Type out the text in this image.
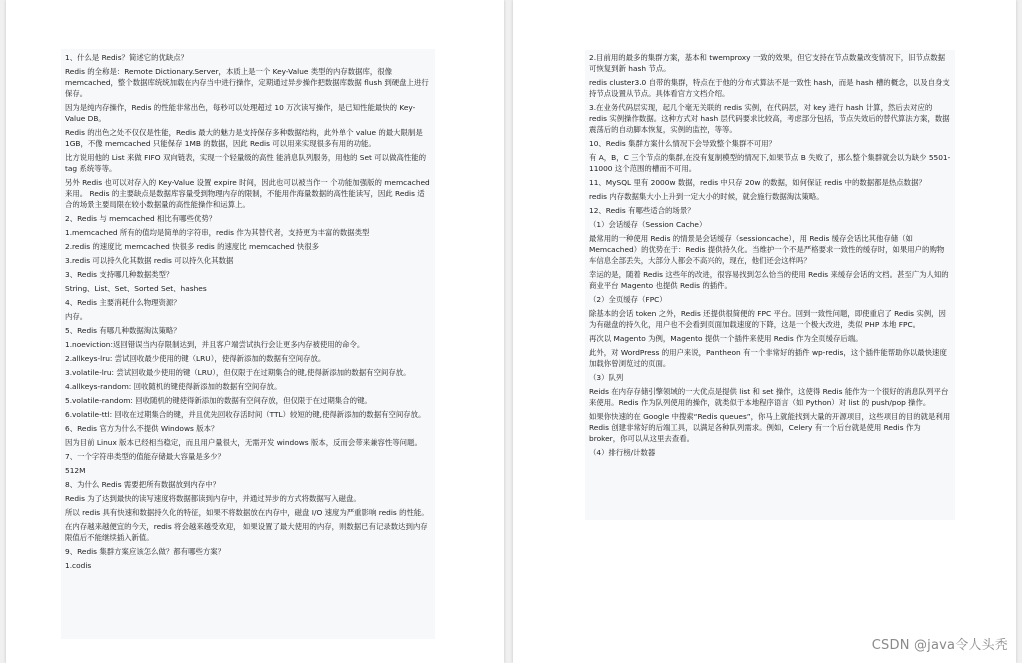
1、什么是 Redis？简述它的优缺点？

Redis 的全称是：Remote Dictionary.Server，本质上是一个 Key-Value 类型的内存数据库，很像 memcached，整个数据库统统加载在内存当中进行操作，定期通过异步操作把数据库数据 flush 到硬盘上进行保存。

因为是纯内存操作，Redis 的性能非常出色，每秒可以处理超过 10 万次读写操作，是已知性能最快的 Key-Value DB。

Redis 的出色之处不仅仅是性能，Redis 最大的魅力是支持保存多种数据结构，此外单个 value 的最大限制是 1GB，不像 memcached 只能保存 1MB 的数据，因此 Redis 可以用来实现很多有用的功能。

比方说用他的 List 来做 FIFO 双向链表，实现一个轻量级的高性 能消息队列服务，用他的 Set 可以做高性能的 tag 系统等等。

另外 Redis 也可以对存入的 Key-Value 设置 expire 时间，因此也可以被当作一 个功能加强版的 memcached 来用。 Redis 的主要缺点是数据库容量受到物理内存的限制，不能用作海量数据的高性能读写，因此 Redis 适合的场景主要局限在较小数据量的高性能操作和运算上。

2、Redis 与 memcached 相比有哪些优势？

1.memcached 所有的值均是简单的字符串，redis 作为其替代者，支持更为丰富的数据类型

2.redis 的速度比 memcached 快很多 redis 的速度比 memcached 快很多

3.redis 可以持久化其数据 redis 可以持久化其数据

3、Redis 支持哪几种数据类型？

String、List、Set、Sorted Set、hashes

4、Redis 主要消耗什么物理资源？

内存。

5、Redis 有哪几种数据淘汰策略？

1.noeviction:返回错误当内存限制达到，并且客户端尝试执行会让更多内存被使用的命令。

2.allkeys-lru: 尝试回收最少使用的键（LRU），使得新添加的数据有空间存放。

3.volatile-lru: 尝试回收最少使用的键（LRU），但仅限于在过期集合的键,使得新添加的数据有空间存放。

4.allkeys-random: 回收随机的键使得新添加的数据有空间存放。

5.volatile-random: 回收随机的键使得新添加的数据有空间存放，但仅限于在过期集合的键。

6.volatile-ttl: 回收在过期集合的键，并且优先回收存活时间（TTL）较短的键,使得新添加的数据有空间存放。

6、Redis 官方为什么不提供 Windows 版本？

因为目前 Linux 版本已经相当稳定，而且用户量很大，无需开发 windows 版本，反而会带来兼容性等问题。

7、一个字符串类型的值能存储最大容量是多少？

512M

8、为什么 Redis 需要把所有数据放到内存中？

Redis 为了达到最快的读写速度将数据都读到内存中，并通过异步的方式将数据写入磁盘。

所以 redis 具有快速和数据持久化的特征，如果不将数据放在内存中，磁盘 I/O 速度为严重影响 redis 的性能。

在内存越来越便宜的今天，redis 将会越来越受欢迎， 如果设置了最大使用的内存，则数据已有记录数达到内存限值后不能继续插入新值。

9、Redis 集群方案应该怎么做？都有哪些方案？

1.codis

2.目前用的最多的集群方案，基本和 twemproxy 一致的效果，但它支持在节点数量改变情况下，旧节点数据可恢复到新 hash 节点。

redis cluster3.0 自带的集群，特点在于他的分布式算法不是一致性 hash，而是 hash 槽的概念，以及自身支持节点设置从节点。具体看官方文档介绍。

3.在业务代码层实现，起几个毫无关联的 redis 实例，在代码层，对 key 进行 hash 计算，然后去对应的 redis 实例操作数据。这种方式对 hash 层代码要求比较高，考虑部分包括，节点失效后的替代算法方案，数据震荡后的自动脚本恢复，实例的监控，等等。

10、Redis 集群方案什么情况下会导致整个集群不可用？

有 A，B，C 三个节点的集群,在没有复制模型的情况下,如果节点 B 失败了，那么整个集群就会以为缺少 5501-11000 这个范围的槽而不可用。

11、MySQL 里有 2000w 数据，redis 中只存 20w 的数据，如何保证 redis 中的数据都是热点数据？

redis 内存数据集大小上升到一定大小的时候，就会施行数据淘汰策略。

12、Redis 有哪些适合的场景？

（1）会话缓存（Session Cache）

最常用的一种使用 Redis 的情景是会话缓存（sessioncache），用 Redis 缓存会话比其他存储（如 Memcached）的优势在于：Redis 提供持久化。当维护一个不是严格要求一致性的缓存时，如果用户的购物车信息全部丢失，大部分人都会不高兴的，现在，他们还会这样吗？

幸运的是，随着 Redis 这些年的改进，很容易找到怎么恰当的使用 Redis 来缓存会话的文档。甚至广为人知的商业平台 Magento 也提供 Redis 的插件。

（2）全页缓存（FPC）

除基本的会话 token 之外，Redis 还提供很简便的 FPC 平台。回到一致性问题，即使重启了 Redis 实例，因为有磁盘的持久化，用户也不会看到页面加载速度的下降，这是一个极大改进，类似 PHP 本地 FPC。

再次以 Magento 为例，Magento 提供一个插件来使用 Redis 作为全页缓存后端。

此外，对 WordPress 的用户来说，Pantheon 有一个非常好的插件 wp-redis，这个插件能帮助你以最快速度加载你曾浏览过的页面。

（3）队列

Reids 在内存存储引擎领域的一大优点是提供 list 和 set 操作，这使得 Redis 能作为一个很好的消息队列平台来使用。Redis 作为队列使用的操作，就类似于本地程序语言（如 Python）对 list 的 push/pop 操作。

如果你快速的在 Google 中搜索“Redis queues”，你马上就能找到大量的开源项目，这些项目的目的就是利用 Redis 创建非常好的后端工具，以满足各种队列需求。例如，Celery 有一个后台就是使用 Redis 作为 broker，你可以从这里去查看。

（4）排行榜/计数器

CSDN @java令人头秃
